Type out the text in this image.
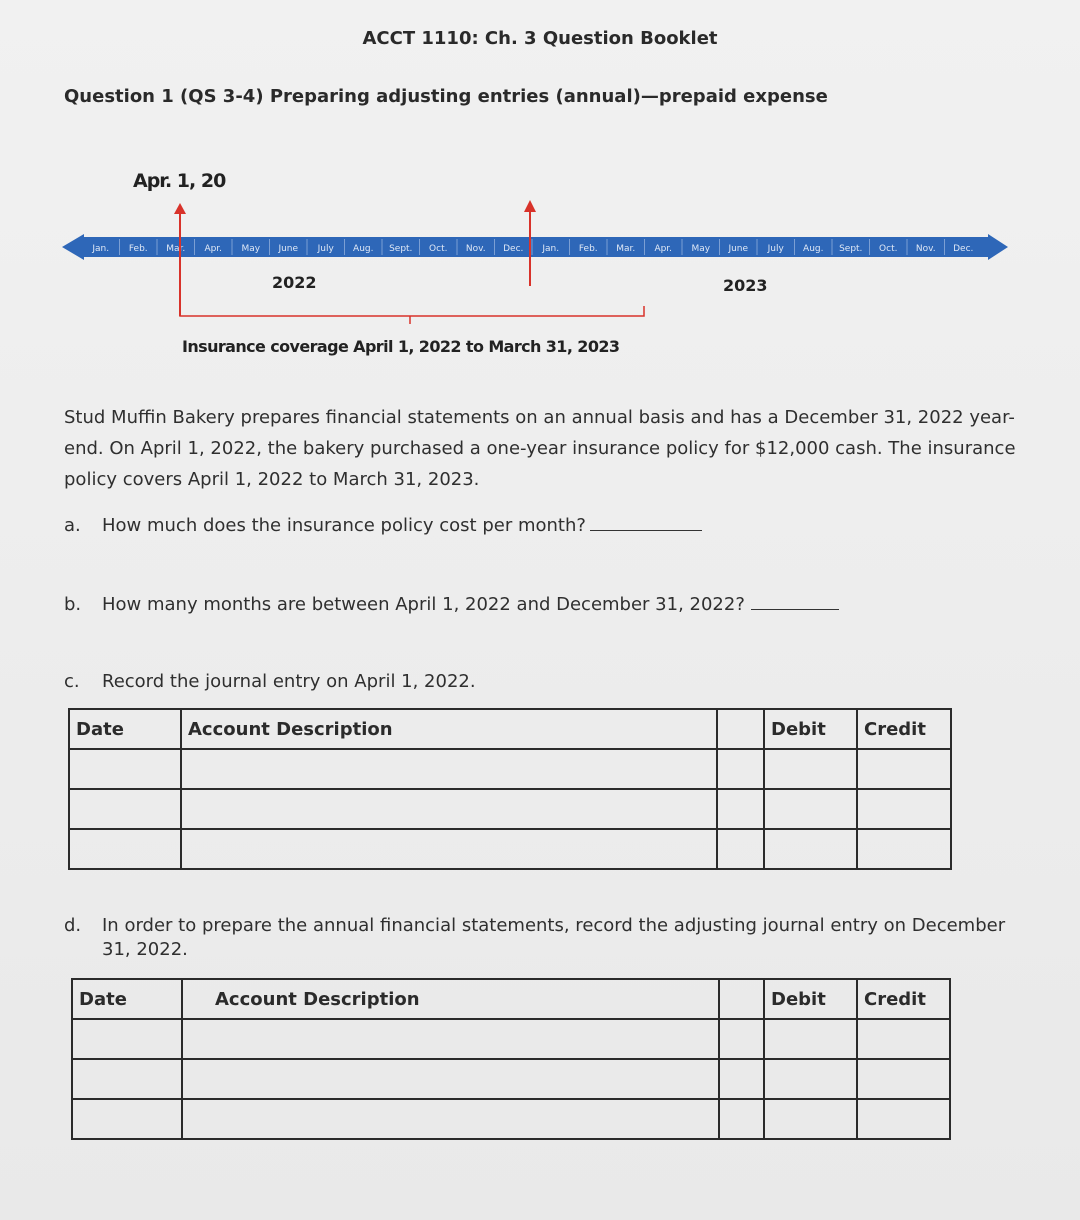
ACCT 1110: Ch. 3 Question Booklet
Question 1 (QS 3-4) Preparing adjusting entries (annual)—prepaid expense
Apr. 1, 20
Jan. Feb. Mar. Apr. May June July Aug. Sept. Oct. Nov. Dec. Jan. Feb. Mar. Apr. May June July Aug. Sept. Oct. Nov. Dec.
2022	2023
Insurance coverage April 1, 2022 to March 31, 2023
Stud Muffin Bakery prepares financial statements on an annual basis and has a December 31, 2022 year-end. On April 1, 2022, the bakery purchased a one-year insurance policy for $12,000 cash. The insurance policy covers April 1, 2022 to March 31, 2023.
a. How much does the insurance policy cost per month?
b. How many months are between April 1, 2022 and December 31, 2022?
c. Record the journal entry on April 1, 2022.
Date	Account Description		Debit	Credit

d.	In order to prepare the annual financial statements, record the adjusting journal entry on December 31, 2022.
Date	Account Description		Debit	Credit
